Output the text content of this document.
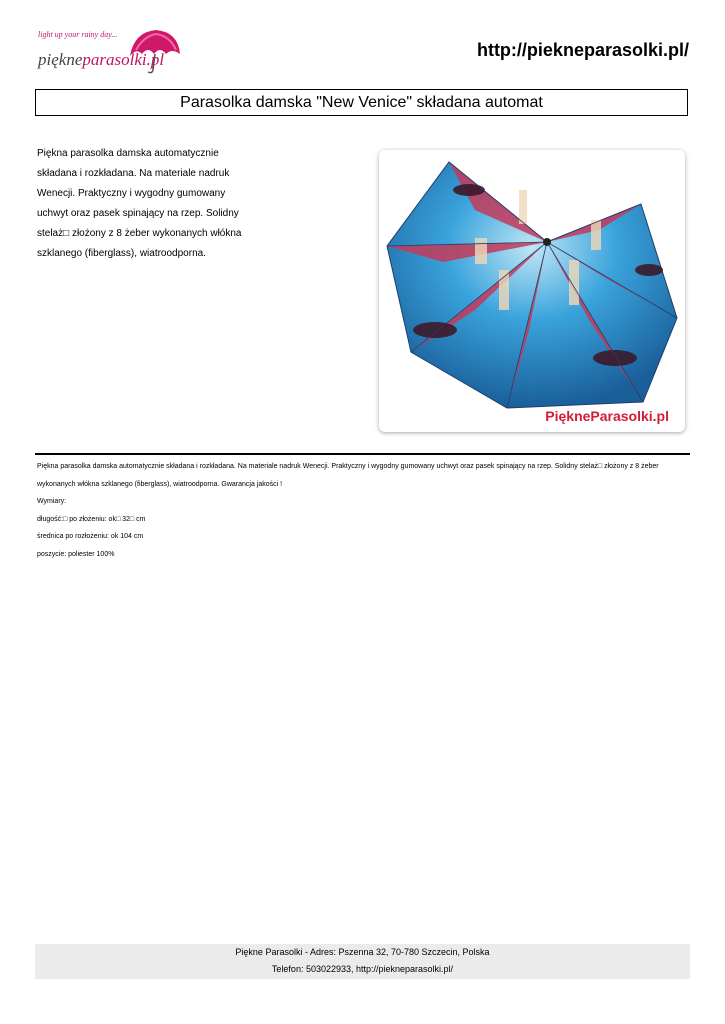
light up your rainy day...
piękneparasolki.pl	http://piekneparasolki.pl/
Parasolka damska "New Venice" składana automat
Piękna parasolka damska automatycznie
składana i rozkładana. Na materiale nadruk
Wenecji. Praktyczny i wygodny gumowany
uchwyt oraz pasek spinający na rzep. Solidny
stelaż□ złożony z 8 żeber wykonanych włókna
szklanego (fiberglass), wiatroodporna.
PiękneParasolki.pl

Piękna parasolka damska automatycznie składana i rozkładana. Na materiale nadruk Wenecji. Praktyczny i wygodny gumowany uchwyt oraz pasek spinający na rzep. Solidny stelaż□ złożony z 8 żeber

wykonanych włókna szklanego (fiberglass), wiatroodporna. Gwarancja jakości !

Wymiary:

długość:□ po złożeniu: ok□ 32□ cm

średnica po rozłożeniu: ok 104 cm

poszycie: poliester 100%

Piękne Parasolki - Adres: Pszenna 32, 70-780 Szczecin, Polska
Telefon: 503022933, http://piekneparasolki.pl/
